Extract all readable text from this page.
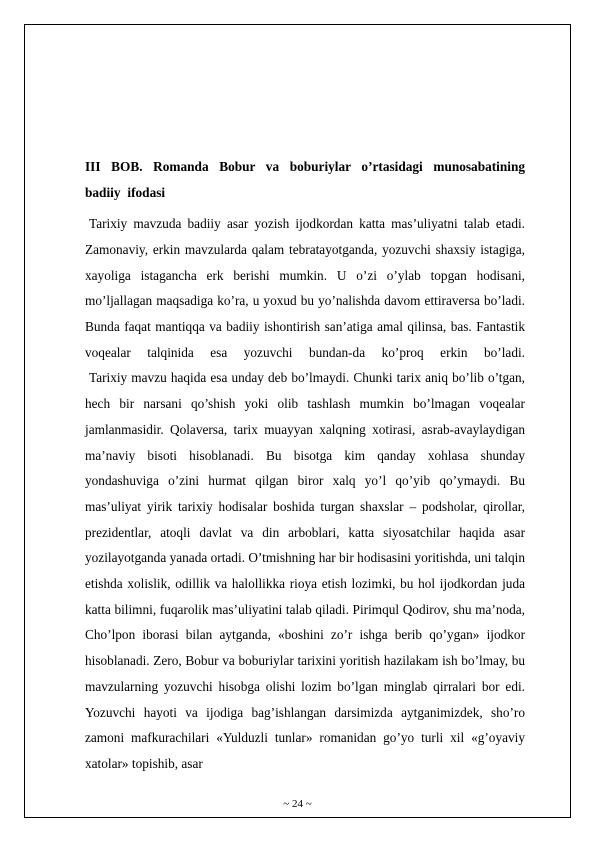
III BOB. Romanda Bobur va boburiylar o’rtasidagi munosabatining badiiy ifodasi

Tarixiy mavzuda badiiy asar yozish ijodkordan katta mas’uliyatni talab etadi. Zamonaviy, erkin mavzularda qalam tebratayotganda, yozuvchi shaxsiy istagiga, xayoliga istagancha erk berishi mumkin. U o’zi o’ylab topgan hodisani, mo’ljallagan maqsadiga ko’ra, u yoxud bu yo’nalishda davom ettiraversa bo’ladi. Bunda faqat mantiqqa va badiiy ishontirish san’atiga amal qilinsa, bas. Fantastik voqealar talqinida esa yozuvchi bundan-da ko’proq erkin bo’ladi.

Tarixiy mavzu haqida esa unday deb bo’lmaydi. Chunki tarix aniq bo’lib o’tgan, hech bir narsani qo’shish yoki olib tashlash mumkin bo’lmagan voqealar jamlanmasidir. Qolaversa, tarix muayyan xalqning xotirasi, asrab-avaylaydigan ma’naviy bisoti hisoblanadi. Bu bisotga kim qanday xohlasa shunday yondashuviga o’zini hurmat qilgan biror xalq yo’l qo’yib qo’ymaydi. Bu mas’uliyat yirik tarixiy hodisalar boshida turgan shaxslar – podsholar, qirollar, prezidentlar, atoqli davlat va din arboblari, katta siyosatchilar haqida asar yozilayotganda yanada ortadi. O’tmishning har bir hodisasini yoritishda, uni talqin etishda xolislik, odillik va halollikka rioya etish lozimki, bu hol ijodkordan juda katta bilimni, fuqarolik mas’uliyatini talab qiladi. Pirimqul Qodirov, shu ma’noda, Cho’lpon iborasi bilan aytganda, «boshini zo’r ishga berib qo’ygan» ijodkor hisoblanadi. Zero, Bobur va boburiylar tarixini yoritish hazilakam ish bo’lmay, bu mavzularning yozuvchi hisobga olishi lozim bo’lgan minglab qirralari bor edi. Yozuvchi hayoti va ijodiga bag’ishlangan darsimizda aytganimizdek, sho’ro zamoni mafkurachilari «Yulduzli tunlar» romanidan go’yo turli xil «g’oyaviy xatolar» topishib, asar

~ 24 ~
